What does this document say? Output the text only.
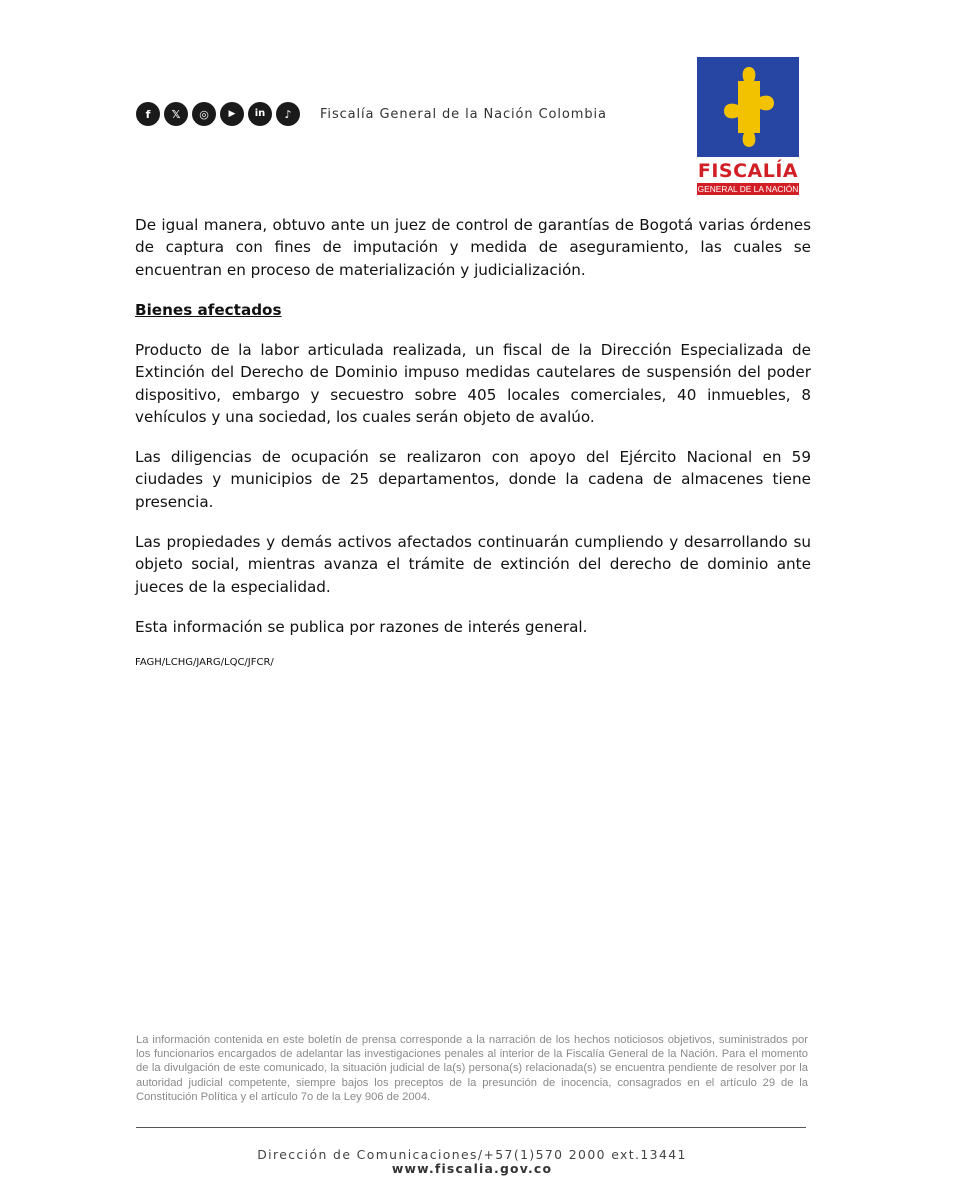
f	𝕏	◎	▶	in	♪	Fiscalía General de la Nación Colombia
FISCALÍA
GENERAL DE LA NACIÓN

De igual manera, obtuvo ante un juez de control de garantías de Bogotá varias órdenes de captura con fines de imputación y medida de aseguramiento, las cuales se encuentran en proceso de materialización y judicialización.

Bienes afectados

Producto de la labor articulada realizada, un fiscal de la Dirección Especializada de Extinción del Derecho de Dominio impuso medidas cautelares de suspensión del poder dispositivo, embargo y secuestro sobre 405 locales comerciales, 40 inmuebles, 8 vehículos y una sociedad, los cuales serán objeto de avalúo.

Las diligencias de ocupación se realizaron con apoyo del Ejército Nacional en 59 ciudades y municipios de 25 departamentos, donde la cadena de almacenes tiene presencia.

Las propiedades y demás activos afectados continuarán cumpliendo y desarrollando su objeto social, mientras avanza el trámite de extinción del derecho de dominio ante jueces de la especialidad.

Esta información se publica por razones de interés general.

FAGH/LCHG/JARG/LQC/JFCR/
La información contenida en este boletín de prensa corresponde a la narración de los hechos noticiosos objetivos, suministrados por los funcionarios encargados de adelantar las investigaciones penales al interior de la Fiscalía General de la Nación. Para el momento de la divulgación de este comunicado, la situación judicial de la(s) persona(s) relacionada(s) se encuentra pendiente de resolver por la autoridad judicial competente, siempre bajos los preceptos de la presunción de inocencia, consagrados en el artículo 29 de la Constitución Política y el artículo 7o de la Ley 906 de 2004.
Dirección de Comunicaciones/+57(1)570 2000 ext.13441
www.fiscalia.gov.co
